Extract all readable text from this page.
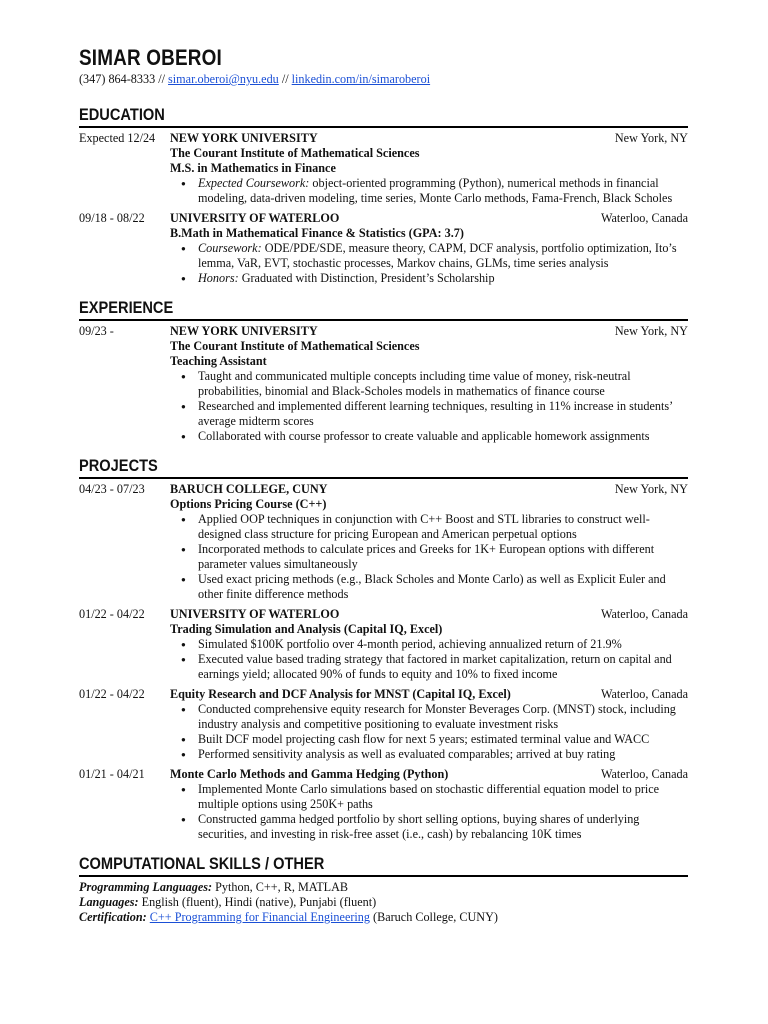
SIMAR OBEROI
(347) 864-8333 // simar.oberoi@nyu.edu // linkedin.com/in/simaroberoi
EDUCATION
Expected 12/24	NEW YORK UNIVERSITY	New York, NY
The Courant Institute of Mathematical Sciences
M.S. in Mathematics in Finance
● Expected Coursework: object-oriented programming (Python), numerical methods in financial modeling, data-driven modeling, time series, Monte Carlo methods, Fama-French, Black Scholes
09/18 - 08/22	UNIVERSITY OF WATERLOO	Waterloo, Canada
B.Math in Mathematical Finance & Statistics (GPA: 3.7)
● Coursework: ODE/PDE/SDE, measure theory, CAPM, DCF analysis, portfolio optimization, Ito’s lemma, VaR, EVT, stochastic processes, Markov chains, GLMs, time series analysis
● Honors: Graduated with Distinction, President’s Scholarship
EXPERIENCE
09/23 -	NEW YORK UNIVERSITY	New York, NY
The Courant Institute of Mathematical Sciences
Teaching Assistant
● Taught and communicated multiple concepts including time value of money, risk-neutral probabilities, binomial and Black-Scholes models in mathematics of finance course
● Researched and implemented different learning techniques, resulting in 11% increase in students’ average midterm scores
● Collaborated with course professor to create valuable and applicable homework assignments
PROJECTS
04/23 - 07/23	BARUCH COLLEGE, CUNY	New York, NY
Options Pricing Course (C++)
● Applied OOP techniques in conjunction with C++ Boost and STL libraries to construct well-designed class structure for pricing European and American perpetual options
● Incorporated methods to calculate prices and Greeks for 1K+ European options with different parameter values simultaneously
● Used exact pricing methods (e.g., Black Scholes and Monte Carlo) as well as Explicit Euler and other finite difference methods
01/22 - 04/22	UNIVERSITY OF WATERLOO	Waterloo, Canada
Trading Simulation and Analysis (Capital IQ, Excel)
● Simulated $100K portfolio over 4-month period, achieving annualized return of 21.9%
● Executed value based trading strategy that factored in market capitalization, return on capital and earnings yield; allocated 90% of funds to equity and 10% to fixed income
01/22 - 04/22	Equity Research and DCF Analysis for MNST (Capital IQ, Excel)	Waterloo, Canada
● Conducted comprehensive equity research for Monster Beverages Corp. (MNST) stock, including industry analysis and competitive positioning to evaluate investment risks
● Built DCF model projecting cash flow for next 5 years; estimated terminal value and WACC
● Performed sensitivity analysis as well as evaluated comparables; arrived at buy rating
01/21 - 04/21	Monte Carlo Methods and Gamma Hedging (Python)	Waterloo, Canada
● Implemented Monte Carlo simulations based on stochastic differential equation model to price multiple options using 250K+ paths
● Constructed gamma hedged portfolio by short selling options, buying shares of underlying securities, and investing in risk-free asset (i.e., cash) by rebalancing 10K times
COMPUTATIONAL SKILLS / OTHER

Programming Languages: Python, C++, R, MATLAB

Languages: English (fluent), Hindi (native), Punjabi (fluent)

Certification: C++ Programming for Financial Engineering (Baruch College, CUNY)
